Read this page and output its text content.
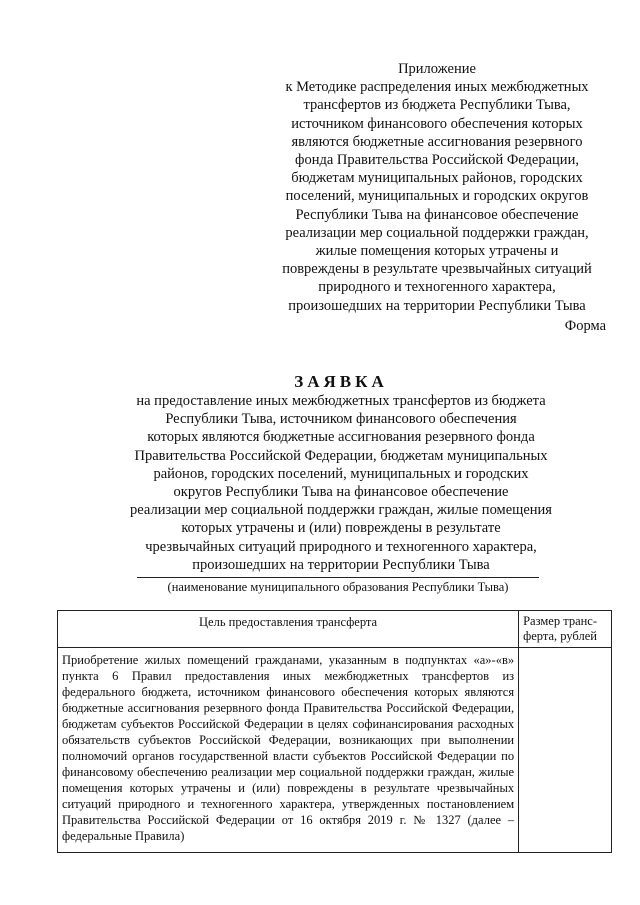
Приложение
к Методике распределения иных межбюджетных
трансфертов из бюджета Республики Тыва,
источником финансового обеспечения которых
являются бюджетные ассигнования резервного
фонда Правительства Российской Федерации,
бюджетам муниципальных районов, городских
поселений, муниципальных и городских округов
Республики Тыва на финансовое обеспечение
реализации мер социальной поддержки граждан,
жилые помещения которых утрачены и
повреждены в результате чрезвычайных ситуаций
природного и техногенного характера,
произошедших на территории Республики Тыва
Форма
ЗАЯВКА
на предоставление иных межбюджетных трансфертов из бюджета
Республики Тыва, источником финансового обеспечения
которых являются бюджетные ассигнования резервного фонда
Правительства Российской Федерации, бюджетам муниципальных
районов, городских поселений, муниципальных и городских
округов Республики Тыва на финансовое обеспечение
реализации мер социальной поддержки граждан, жилые помещения
которых утрачены и (или) повреждены в результате
чрезвычайных ситуаций природного и техногенного характера,
произошедших на территории Республики Тыва
(наименование муниципального образования Республики Тыва)
Цель предоставления трансферта	Размер транс-
ферта, рублей

Приобретение жилых помещений гражданами, указанным в подпунктах «а»-«в» пункта 6 Правил предоставления иных межбюджетных трансфертов из федерального бюджета, источником финансового обеспечения которых являются бюджетные ассигнования резервного фонда Правительства Российской Федерации, бюджетам субъектов Российской Федерации в целях софинансирования расходных обязательств субъектов Российской Федерации, возникающих при выполнении полномочий органов государственной власти субъектов Российской Федерации по финансовому обеспечению реализации мер социальной поддержки граждан, жилые помещения которых утрачены и (или) повреждены в результате чрезвычайных ситуаций природного и техногенного характера, утвержденных постановлением Правительства Российской Федерации от 16 октября 2019 г. № 1327 (далее – федеральные Правила)	
